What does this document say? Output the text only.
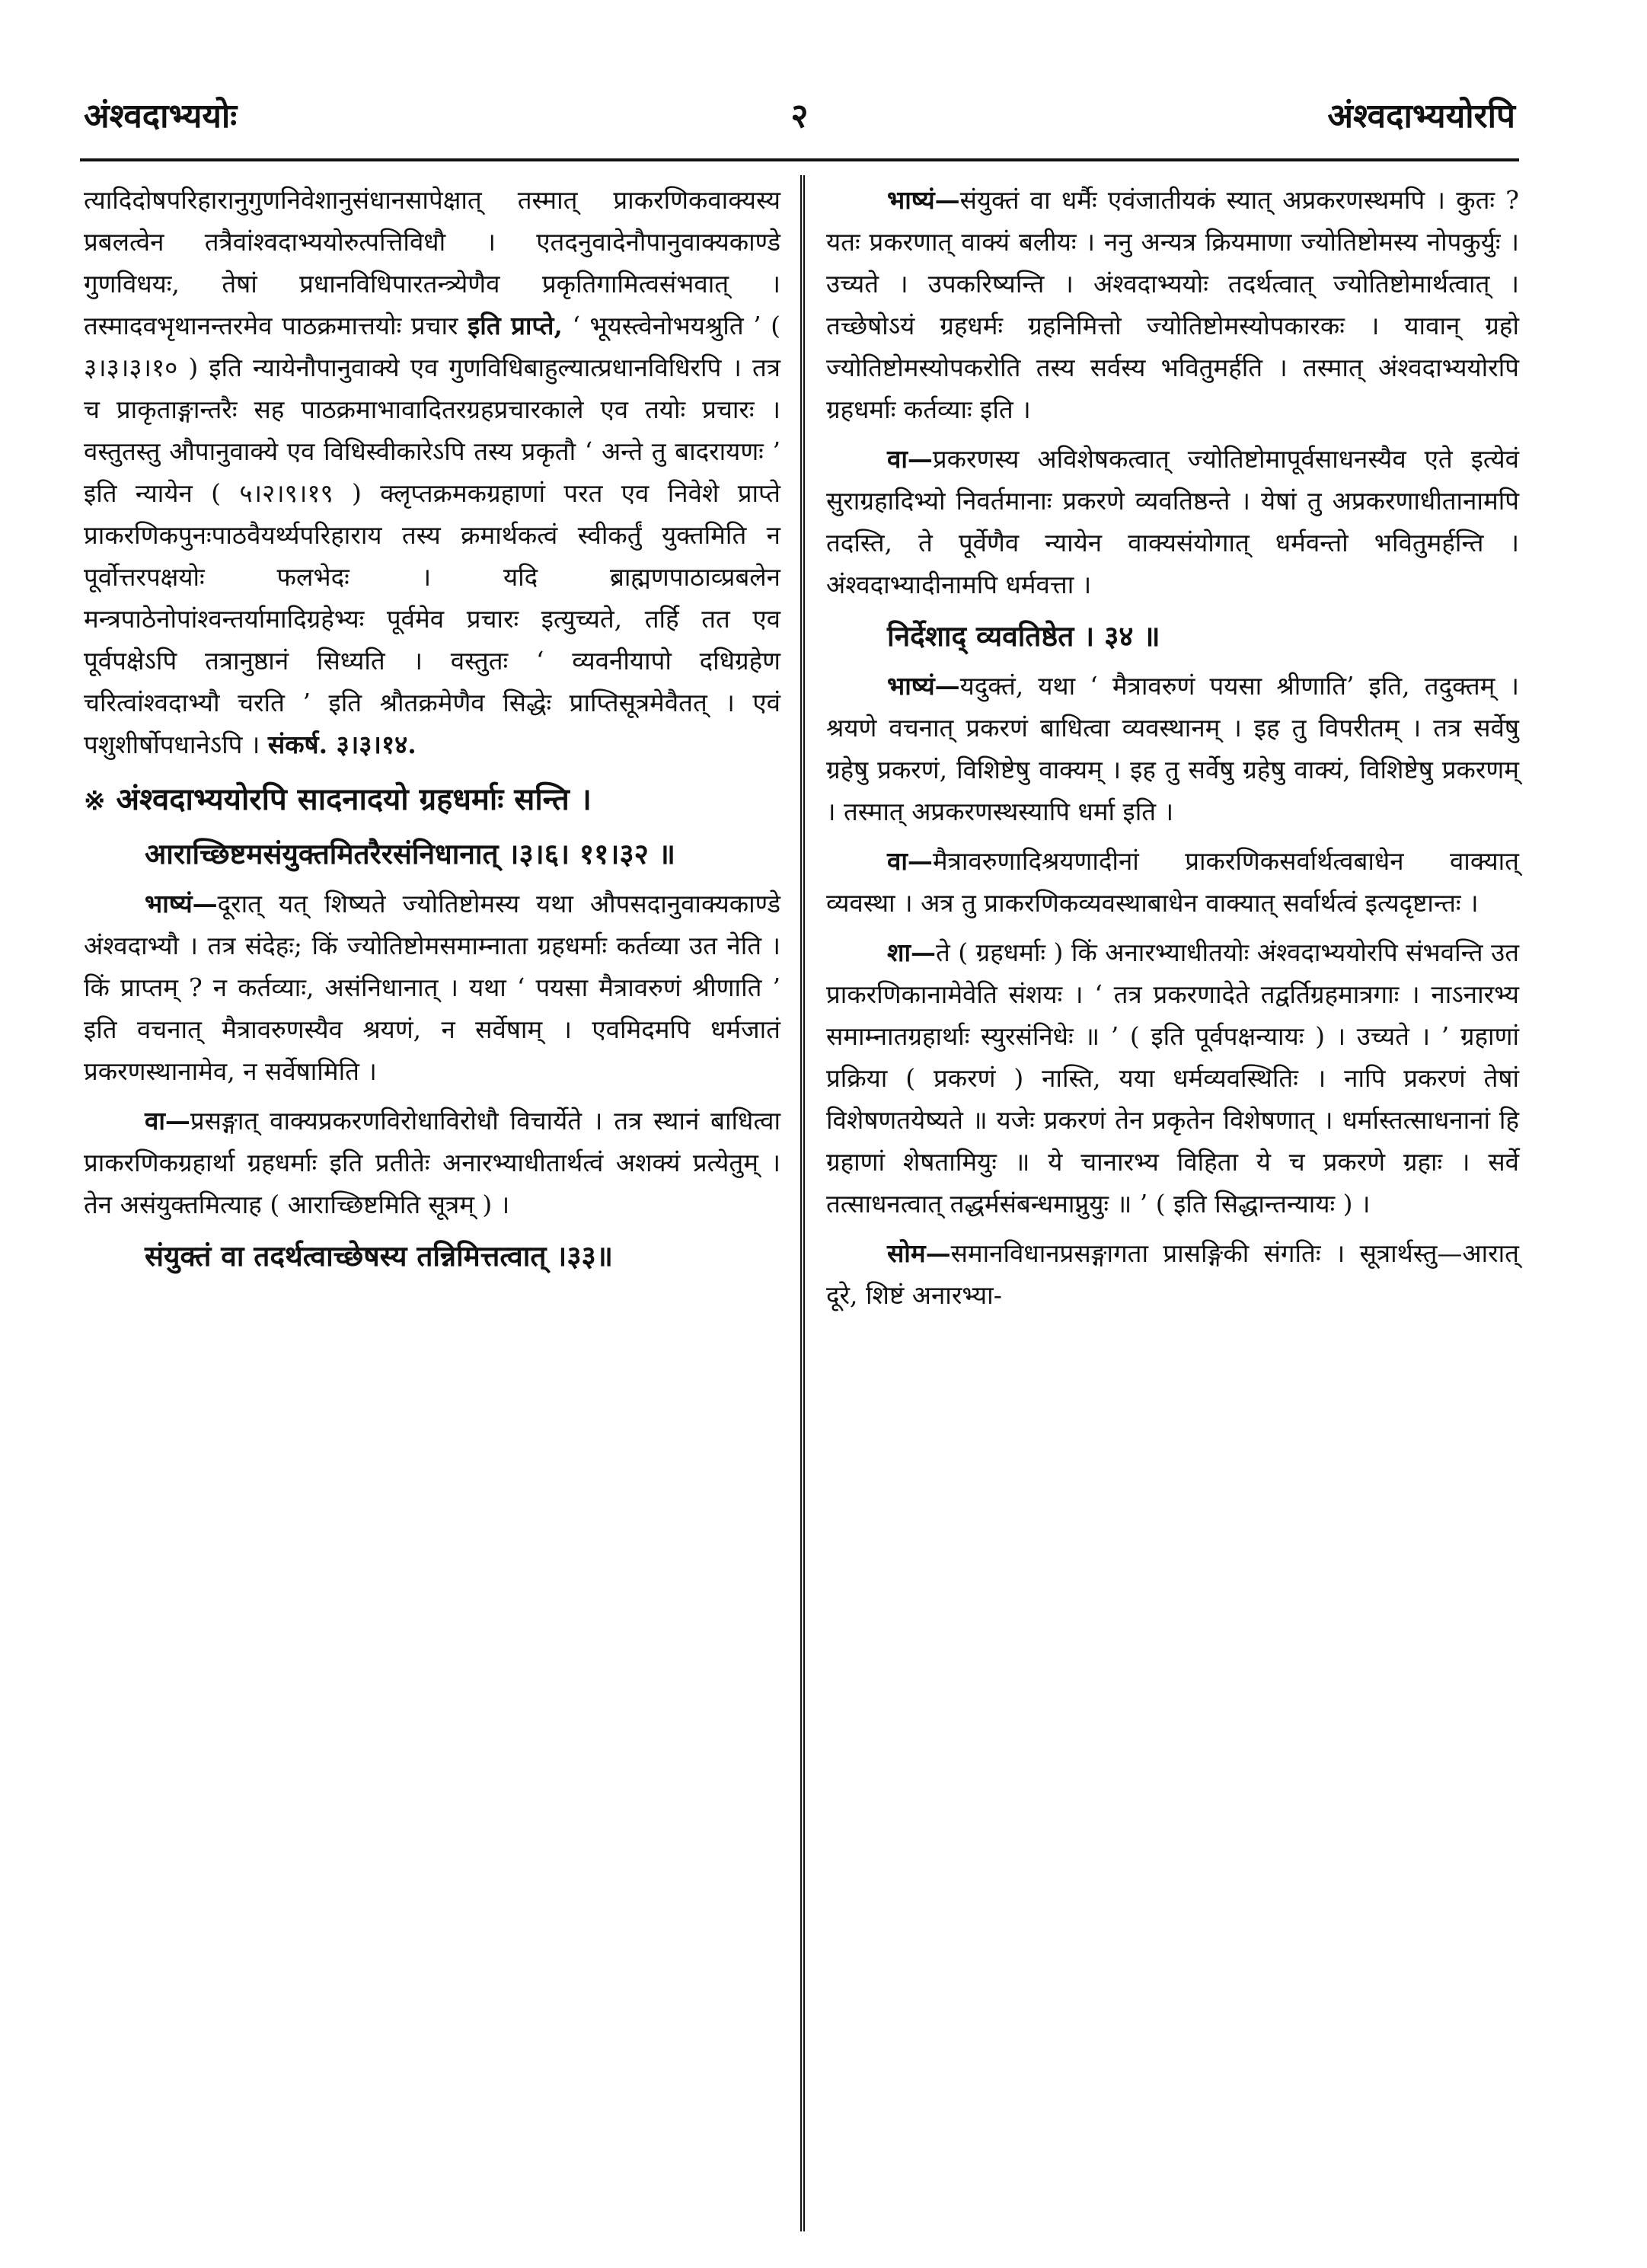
२
अंश्वदाभ्ययोः	अंश्वदाभ्ययोरपि

त्यादिदोषपरिहारानुगुणनिवेशानुसंधानसापेक्षात् तस्मात् प्राकरणिकवाक्यस्य प्रबलत्वेन तत्रैवांश्वदाभ्ययोरुत्पत्तिविधौ । एतदनुवादेनौपानुवाक्यकाण्डे गुणविधयः, तेषां प्रधानविधिपारतन्त्र्येणैव प्रकृतिगामित्वसंभवात् । तस्मादवभृथानन्तरमेव पाठक्रमात्तयोः प्रचार इति प्राप्ते, ‘ भूयस्त्वेनोभयश्रुति ’ ( ३।३।३।१० ) इति न्यायेनौपानुवाक्ये एव गुणविधिबाहुल्यात्प्रधानविधिरपि । तत्र च प्राकृताङ्गान्तरैः सह पाठक्रमाभावादितरग्रहप्रचारकाले एव तयोः प्रचारः । वस्तुतस्तु औपानुवाक्ये एव विधिस्वीकारेऽपि तस्य प्रकृतौ ‘ अन्ते तु बादरायणः ’ इति न्यायेन ( ५।२।९।१९ ) क्लृप्तक्रमकग्रहाणां परत एव निवेशे प्राप्ते प्राकरणिकपुनःपाठवैयर्थ्यपरिहाराय तस्य क्रमार्थकत्वं स्वीकर्तुं युक्तमिति न पूर्वोत्तरपक्षयोः फलभेदः । यदि ब्राह्मणपाठाव्प्रबलेन मन्त्रपाठेनोपांश्वन्तर्यामादिग्रहेभ्यः पूर्वमेव प्रचारः इत्युच्यते, तर्हि तत एव पूर्वपक्षेऽपि तत्रानुष्ठानं सिध्यति । वस्तुतः ‘ व्यवनीयापो दधिग्रहेण चरित्वांश्वदाभ्यौ चरति ’ इति श्रौतक्रमेणैव सिद्धेः प्राप्तिसूत्रमेवैतत् । एवं पशुशीर्षोपधानेऽपि । संकर्ष. ३।३।१४.

※ अंश्वदाभ्ययोरपि सादनादयो ग्रहधर्माः सन्ति ।

आराच्छिष्टमसंयुक्तमितरैरसंनिधानात् ।३।६। ११।३२ ॥

भाष्यं—दूरात् यत् शिष्यते ज्योतिष्टोमस्य यथा औपसदानुवाक्यकाण्डे अंश्वदाभ्यौ । तत्र संदेहः; किं ज्योतिष्टोमसमाम्नाता ग्रहधर्माः कर्तव्या उत नेति । किं प्राप्तम् ? न कर्तव्याः, असंनिधानात् । यथा ‘ पयसा मैत्रावरुणं श्रीणाति ’ इति वचनात् मैत्रावरुणस्यैव श्रयणं, न सर्वेषाम् । एवमिदमपि धर्मजातं प्रकरणस्थानामेव, न सर्वेषामिति ।

वा—प्रसङ्गात् वाक्यप्रकरणविरोधाविरोधौ विचार्येते । तत्र स्थानं बाधित्वा प्राकरणिकग्रहार्था ग्रहधर्माः इति प्रतीतेः अनारभ्याधीतार्थत्वं अशक्यं प्रत्येतुम् । तेन असंयुक्तमित्याह ( आराच्छिष्टमिति सूत्रम् ) ।

संयुक्तं वा तदर्थत्वाच्छेषस्य तन्निमित्तत्वात् ।३३॥

भाष्यं—संयुक्तं वा धर्मैः एवंजातीयकं स्यात् अप्रकरणस्थमपि । कुतः ? यतः प्रकरणात् वाक्यं बलीयः । ननु अन्यत्र क्रियमाणा ज्योतिष्टोमस्य नोपकुर्युः । उच्यते । उपकरिष्यन्ति । अंश्वदाभ्ययोः तदर्थत्वात् ज्योतिष्टोमार्थत्वात् । तच्छेषोऽयं ग्रहधर्मः ग्रहनिमित्तो ज्योतिष्टोमस्योपकारकः । यावान् ग्रहो ज्योतिष्टोमस्योपकरोति तस्य सर्वस्य भवितुमर्हति । तस्मात् अंश्वदाभ्ययोरपि ग्रहधर्माः कर्तव्याः इति ।

वा—प्रकरणस्य अविशेषकत्वात् ज्योतिष्टोमापूर्वसाधनस्यैव एते इत्येवं सुराग्रहादिभ्यो निवर्तमानाः प्रकरणे व्यवतिष्ठन्ते । येषां तु अप्रकरणाधीतानामपि तदस्ति, ते पूर्वेणैव न्यायेन वाक्यसंयोगात् धर्मवन्तो भवितुमर्हन्ति । अंश्वदाभ्यादीनामपि धर्मवत्ता ।

निर्देशाद् व्यवतिष्ठेत । ३४ ॥

भाष्यं—यदुक्तं, यथा ‘ मैत्रावरुणं पयसा श्रीणाति’ इति, तदुक्तम् । श्रयणे वचनात् प्रकरणं बाधित्वा व्यवस्थानम् । इह तु विपरीतम् । तत्र सर्वेषु ग्रहेषु प्रकरणं, विशिष्टेषु वाक्यम् । इह तु सर्वेषु ग्रहेषु वाक्यं, विशिष्टेषु प्रकरणम् । तस्मात् अप्रकरणस्थस्यापि धर्मा इति ।

वा—मैत्रावरुणादिश्रयणादीनां प्राकरणिकसर्वार्थत्वबाधेन वाक्यात् व्यवस्था । अत्र तु प्राकरणिकव्यवस्थाबाधेन वाक्यात् सर्वार्थत्वं इत्यदृष्टान्तः ।

शा—ते ( ग्रहधर्माः ) किं अनारभ्याधीतयोः अंश्वदाभ्ययोरपि संभवन्ति उत प्राकरणिकानामेवेति संशयः । ‘ तत्र प्रकरणादेते तद्वर्तिग्रहमात्रगाः । नाऽनारभ्य समाम्नातग्रहार्थाः स्युरसंनिधेः ॥ ’ ( इति पूर्वपक्षन्यायः ) । उच्यते । ’ ग्रहाणां प्रक्रिया ( प्रकरणं ) नास्ति, यया धर्मव्यवस्थितिः । नापि प्रकरणं तेषां विशेषणतयेष्यते ॥ यजेः प्रकरणं तेन प्रकृतेन विशेषणात् । धर्मास्तत्साधनानां हि ग्रहाणां शेषतामियुः ॥ ये चानारभ्य विहिता ये च प्रकरणे ग्रहाः । सर्वे तत्साधनत्वात् तद्धर्मसंबन्धमाप्नुयुः ॥ ’ ( इति सिद्धान्तन्यायः ) ।

सोम—समानविधानप्रसङ्गागता प्रासङ्गिकी संगतिः । सूत्रार्थस्तु—आरात् दूरे, शिष्टं अनारभ्या-
